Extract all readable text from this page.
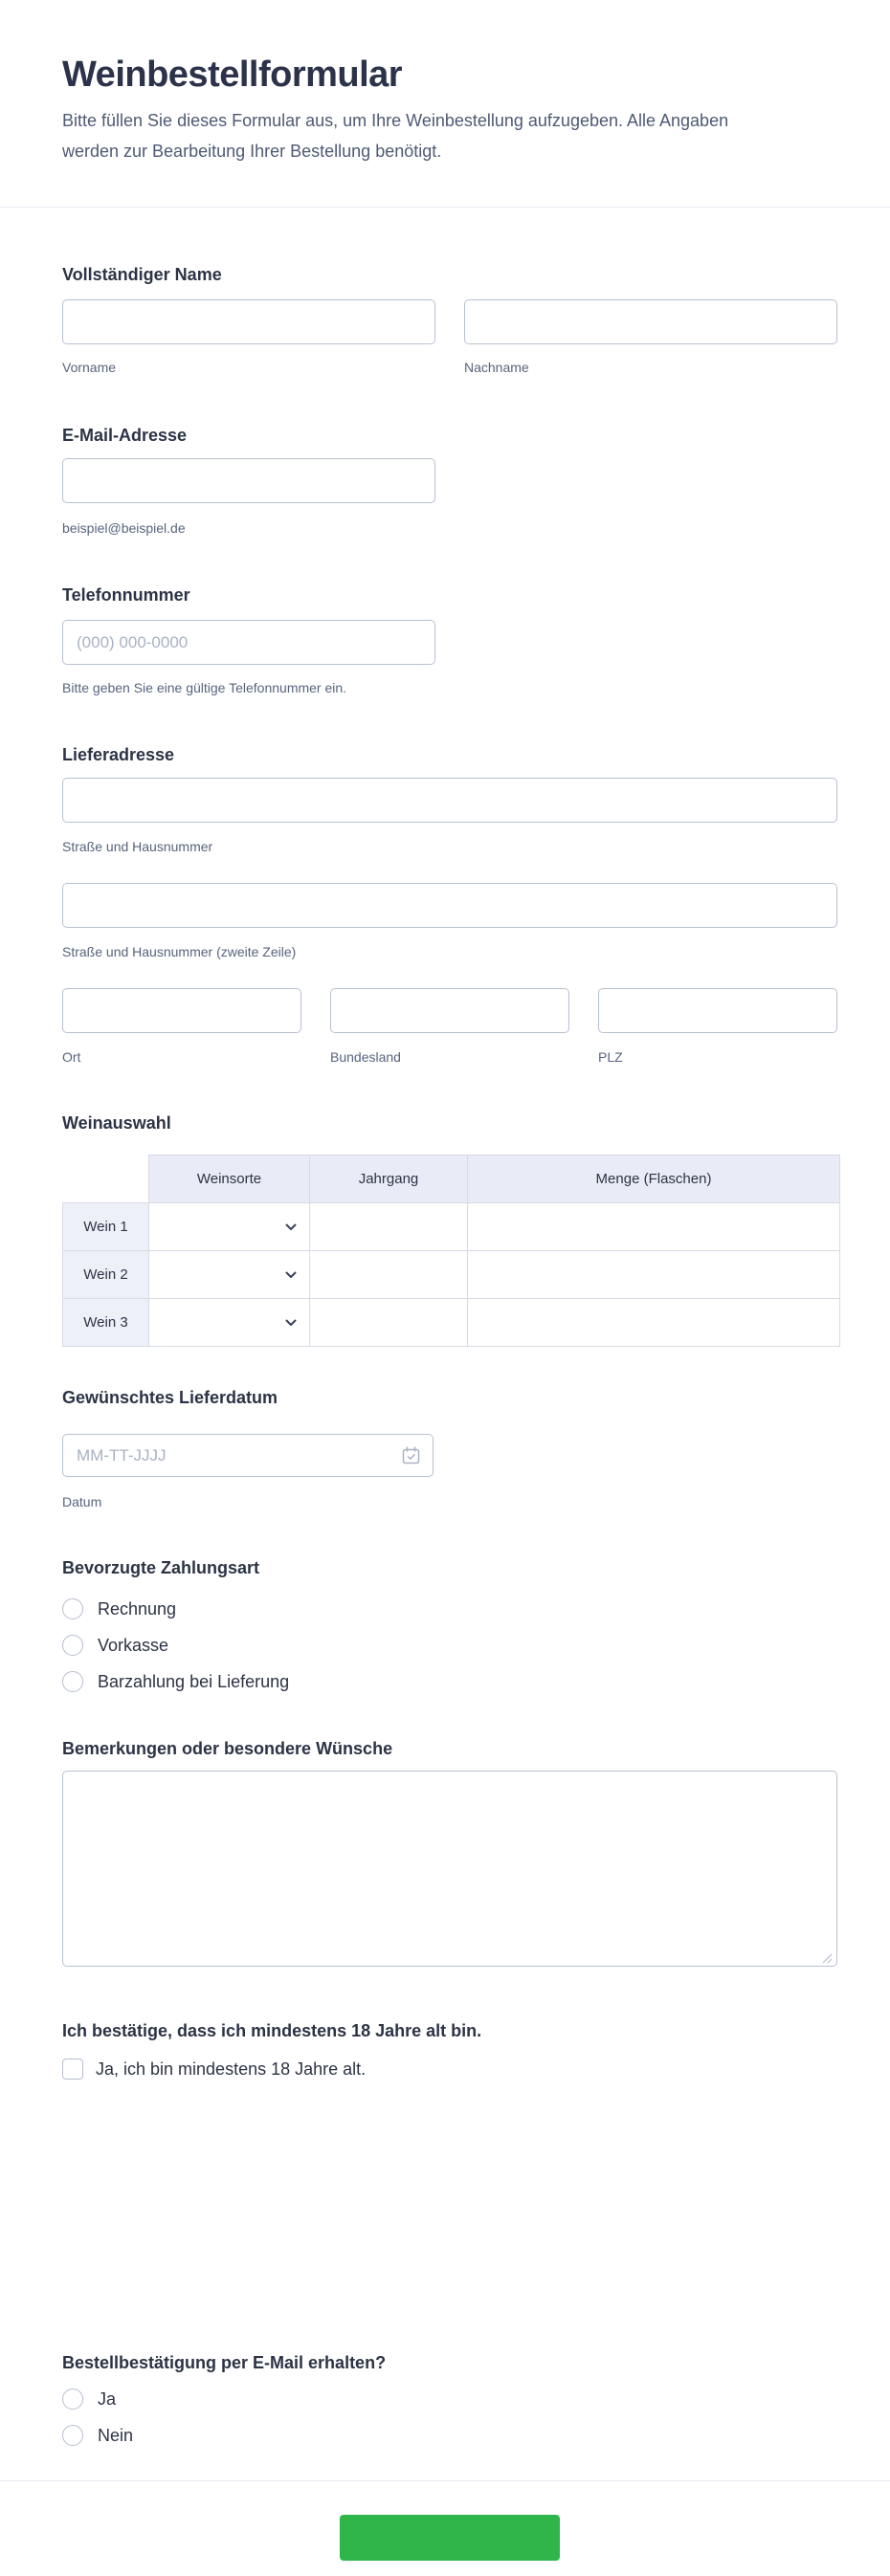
Weinbestellformular

Bitte füllen Sie dieses Formular aus, um Ihre Weinbestellung aufzugeben. Alle Angaben werden zur Bearbeitung Ihrer Bestellung benötigt.

Vollständiger Name
Vorname	Nachname
E-Mail-Adresse
beispiel@beispiel.de
Telefonnummer
(000) 000-0000
Bitte geben Sie eine gültige Telefonnummer ein.
Lieferadresse
Straße und Hausnummer
Straße und Hausnummer (zweite Zeile)
Ort	Bundesland	PLZ
Weinauswahl
	Weinsorte	Jahrgang	Menge (Flaschen)
Wein 1	

Wein 2	

Wein 3	

Gewünschtes Lieferdatum
MM-TT-JJJJ
Datum
Bevorzugte Zahlungsart
Rechnung
Vorkasse
Barzahlung bei Lieferung
Bemerkungen oder besondere Wünsche
Ich bestätige, dass ich mindestens 18 Jahre alt bin.
Ja, ich bin mindestens 18 Jahre alt.
Bestellbestätigung per E-Mail erhalten?
Ja
Nein
